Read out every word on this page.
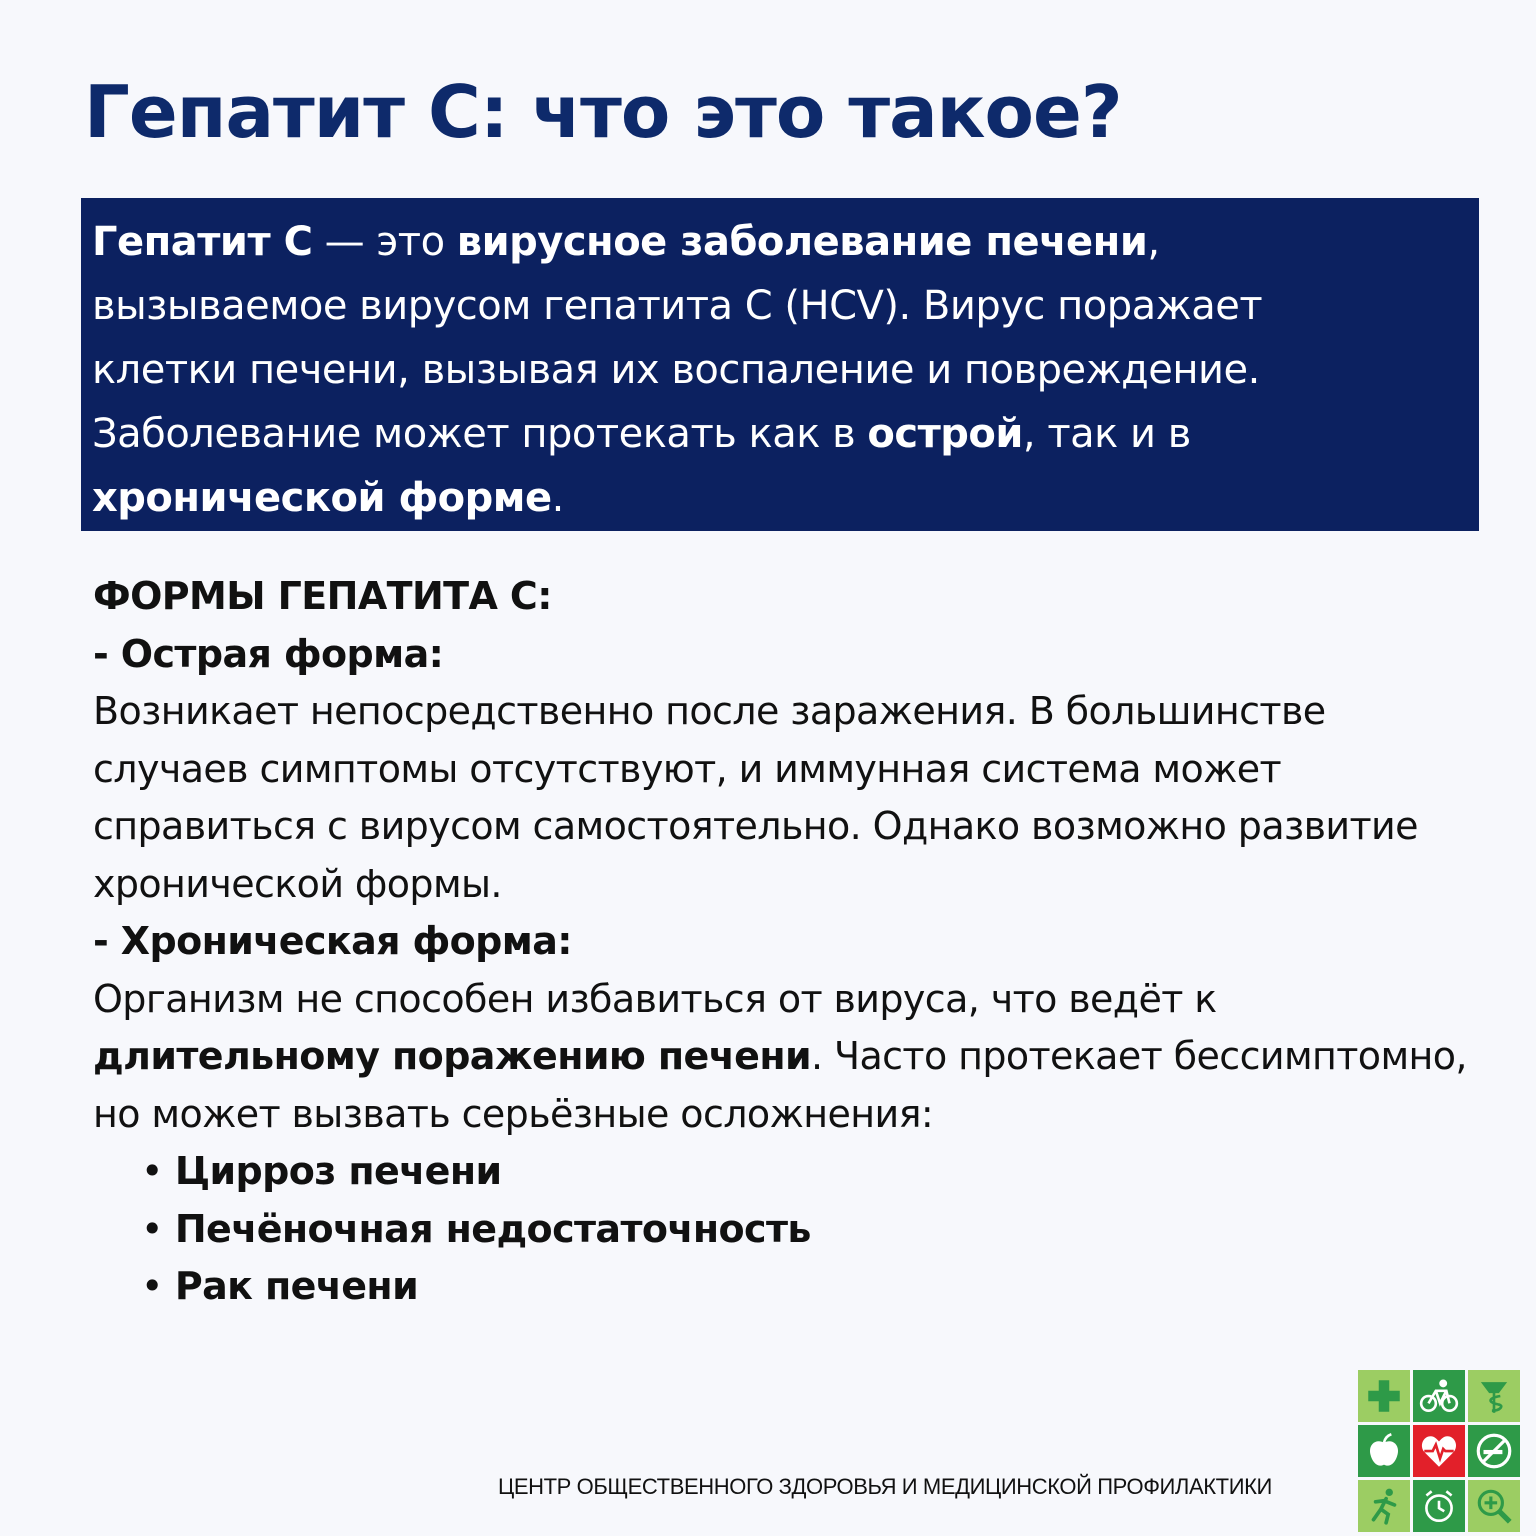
Гепатит С: что это такое?

Гепатит С — это вирусное заболевание печени,

вызываемое вирусом гепатита С (HCV). Вирус поражает

клетки печени, вызывая их воспаление и повреждение.

Заболевание может протекать как в острой, так и в

хронической форме.

ФОРМЫ ГЕПАТИТА С:

- Острая форма:

Возникает непосредственно после заражения. В большинстве

случаев симптомы отсутствуют, и иммунная система может

справиться с вирусом самостоятельно. Однако возможно развитие

хронической формы.

- Хроническая форма:

Организм не способен избавиться от вируса, что ведёт к

длительному поражению печени. Часто протекает бессимптомно,

но может вызвать серьёзные осложнения:

• Цирроз печени
• Печёночная недостаточность
• Рак печени
ЦЕНТР ОБЩЕСТВЕННОГО ЗДОРОВЬЯ И МЕДИЦИНСКОЙ ПРОФИЛАКТИКИ
